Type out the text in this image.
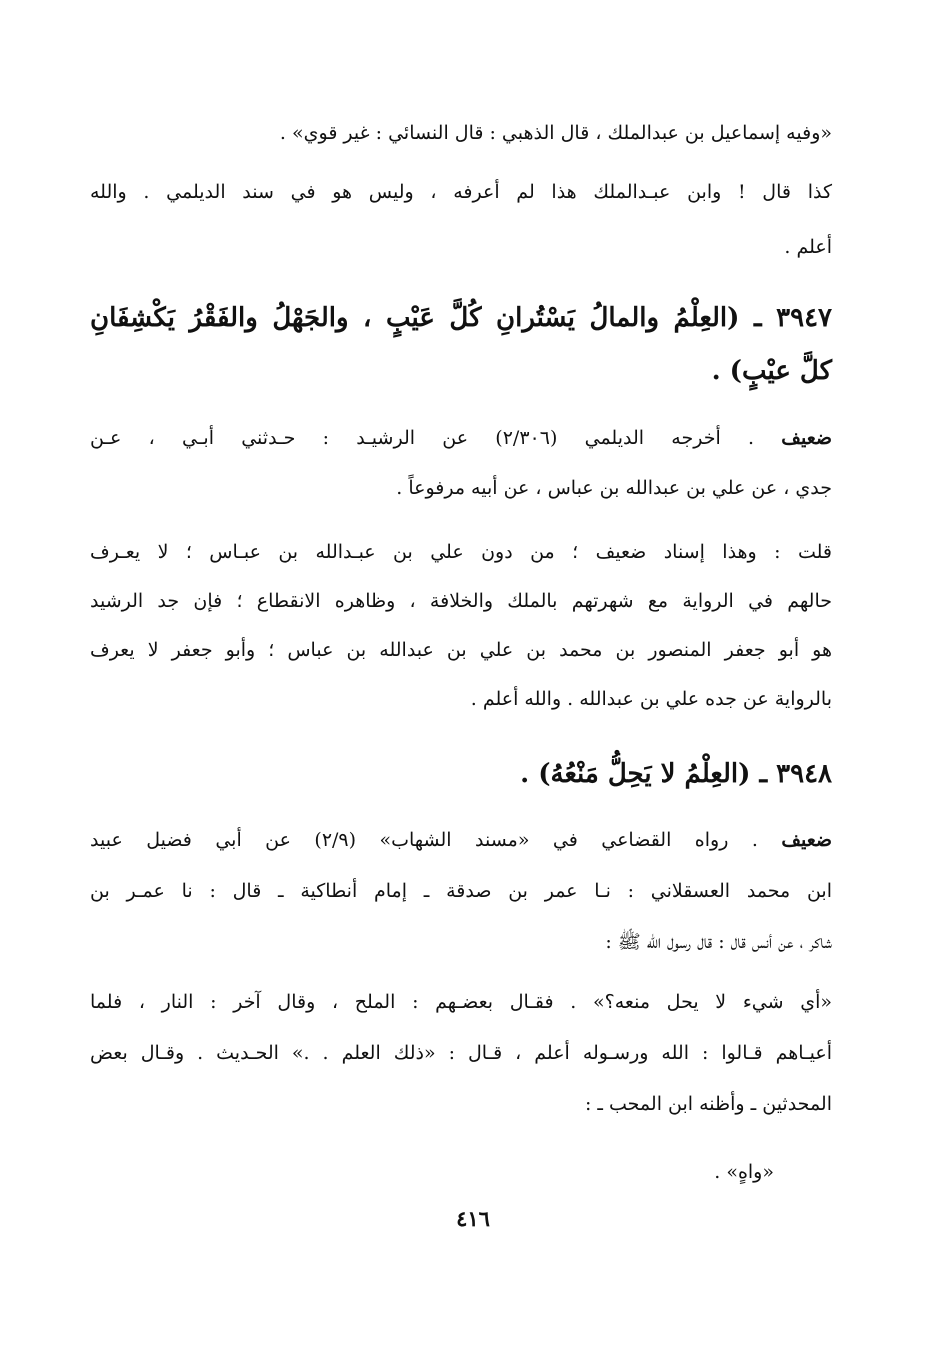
«وفيه إسماعيل بن عبدالملك ، قال الذهبي : قال النسائي : غير قوي» .
كذا قال ! وابن عبـدالملك هذا لم أعرفه ، وليس هو في سند الديلمي . والله
أعلم .
٣٩٤٧ ـ (العِلْمُ والمالُ يَسْتُرانِ كُلَّ عَيْبٍ ، والجَهْلُ والفَقْرُ يَكْشِفَانِ
كلَّ عيْبٍ) .
ضعيف . أخرجه الديلمي (٢/٣٠٦) عن الرشيـد : حـدثني أبـي ، عـن
جدي ، عن علي بن عبدالله بن عباس ، عن أبيه مرفوعاً .
قلت : وهذا إسناد ضعيف ؛ من دون علي بن عبـدالله بن عبـاس ؛ لا يعـرف
حالهم في الرواية مع شهرتهم بالملك والخلافة ، وظاهره الانقطاع ؛ فإن جد الرشيد
هو أبو جعفر المنصور بن محمد بن علي بن عبدالله بن عباس ؛ وأبو جعفر لا يعرف
بالرواية عن جده علي بن عبدالله . والله أعلم .
٣٩٤٨ ـ (العِلْمُ لا يَحِلُّ مَنْعُهُ) .
ضعيف . رواه القضاعي في «مسند الشهاب» (٢/٩) عن أبي فضيل عبيد
ابن محمد العسقلاني : نـا عمر بن صدقة ـ إمام أنطاكية ـ قال : نا عمـر بن
شاكر ، عن أنس قال : قال رسول الله ﷺ :
«أي شيء لا يحل منعه؟» . فقـال بعضـهم : الملح ، وقال آخر : النار ، فلما
أعيـاهم قـالوا : الله ورسـوله أعلم ، قـال : «ذلك العلم . .» الحـديث . وقـال بعض
المحدثين ـ وأظنه ابن المحب ـ :
«واهٍ» .
٤١٦
